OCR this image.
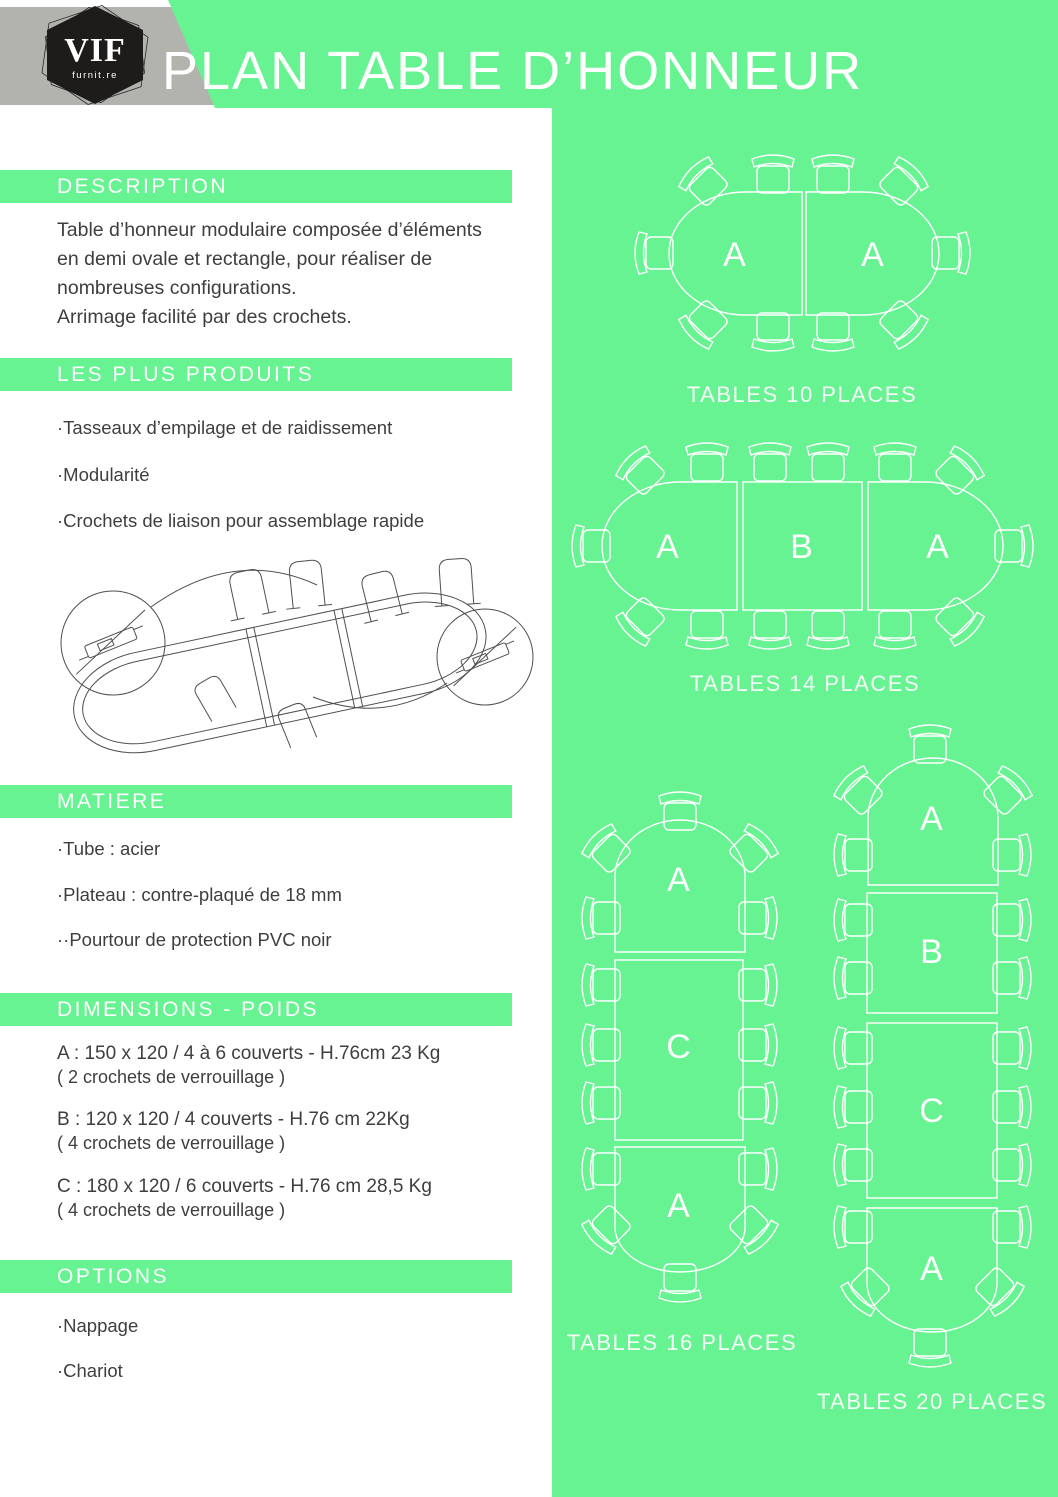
PLAN TABLE D’HONNEUR
VIF
furnit.re
DESCRIPTION
Table d’honneur modulaire composée d’éléments
en demi ovale et rectangle, pour réaliser de
nombreuses configurations.
Arrimage facilité par des crochets.
LES PLUS PRODUITS
·Tasseaux d’empilage et de raidissement
·Modularité
·Crochets de liaison pour assemblage rapide
MATIERE
·Tube : acier
·Plateau : contre-plaqué de 18 mm
··Pourtour de protection PVC noir
DIMENSIONS - POIDS
A : 150 x 120 / 4 à 6 couverts - H.76cm 23 Kg
( 2 crochets de verrouillage )
B : 120 x 120 / 4 couverts - H.76 cm 22Kg
( 4 crochets de verrouillage )
C : 180 x 120 / 6 couverts - H.76 cm 28,5 Kg
( 4 crochets de verrouillage )
OPTIONS
·Nappage
·Chariot
A	A
TABLES 10 PLACES
A	B	A
TABLES 14 PLACES
A
C
A
TABLES 16 PLACES
A
B
C
A
TABLES 20 PLACES
